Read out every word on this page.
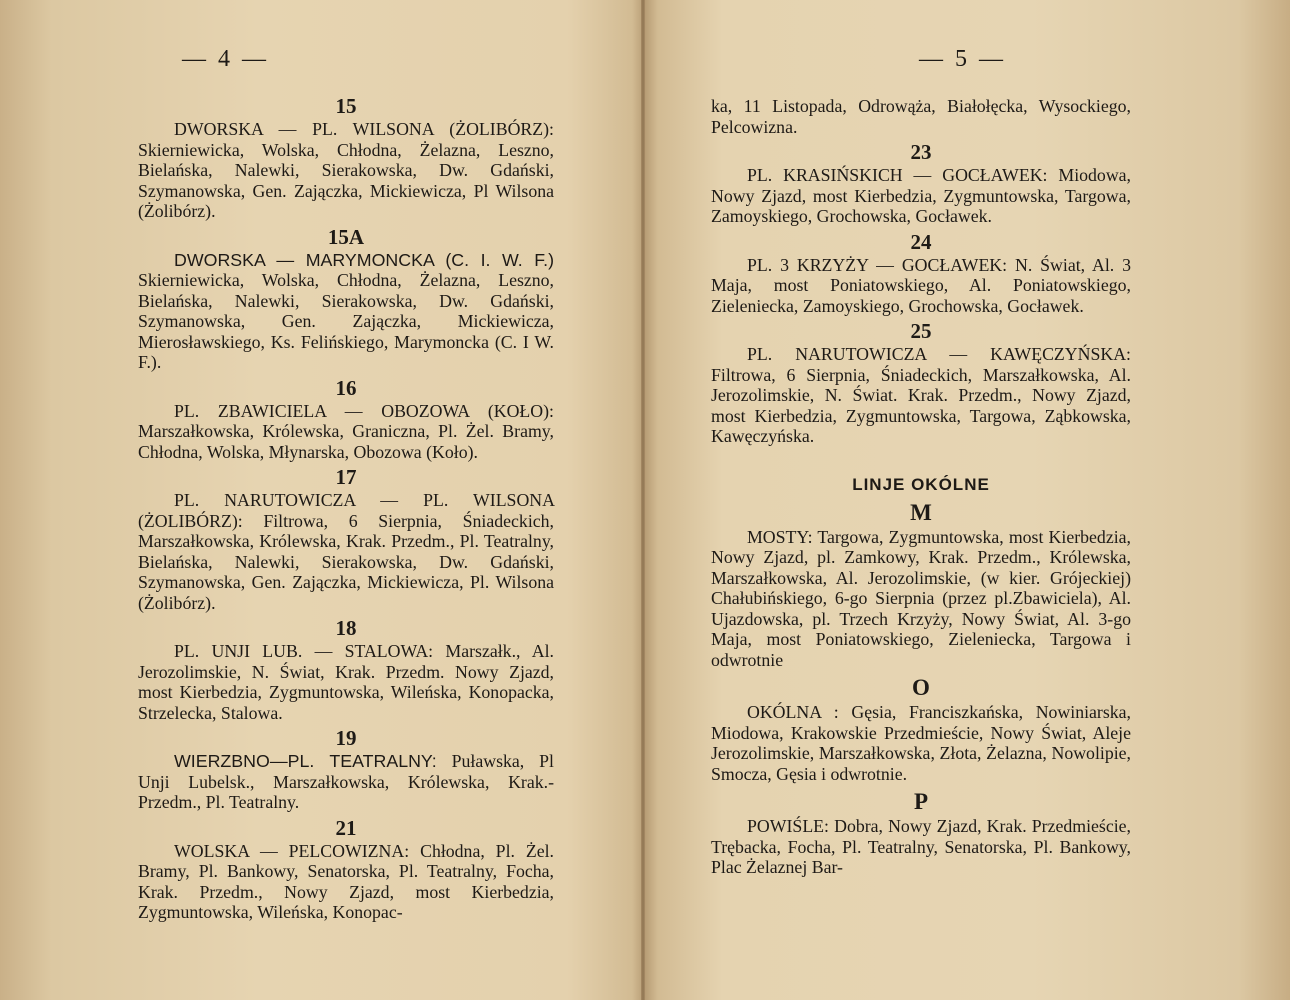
— 4 —
15

DWORSKA — PL. WILSONA (ŻOLIBÓRZ): Skierniewicka, Wolska, Chłodna, Żelazna, Leszno, Bielańska, Nalewki, Sierakowska, Dw. Gdański, Szymanowska, Gen. Zajączka, Mickiewicza, Pl Wilsona (Żolibórz).

15A

DWORSKA — MARYMONCKA (C. I. W. F.) Skierniewicka, Wolska, Chłodna, Żelazna, Leszno, Bielańska, Nalewki, Sierakowska, Dw. Gdański, Szymanowska, Gen. Zajączka, Mickiewicza, Mierosławskiego, Ks. Felińskiego, Marymoncka (C. I W. F.).

16

PL. ZBAWICIELA — OBOZOWA (KOŁO): Marszałkowska, Królewska, Graniczna, Pl. Żel. Bramy, Chłodna, Wolska, Młynarska, Obozowa (Koło).

17

PL. NARUTOWICZA — PL. WILSONA (ŻOLIBÓRZ): Filtrowa, 6 Sierpnia, Śniadeckich, Marszałkowska, Królewska, Krak. Przedm., Pl. Teatralny, Bielańska, Nalewki, Sierakowska, Dw. Gdański, Szymanowska, Gen. Zajączka, Mickiewicza, Pl. Wilsona (Żolibórz).

18

PL. UNJI LUB. — STALOWA: Marszałk., Al. Jerozolimskie, N. Świat, Krak. Przedm. Nowy Zjazd, most Kierbedzia, Zygmuntowska, Wileńska, Konopacka, Strzelecka, Stalowa.

19

WIERZBNO—PL. TEATRALNY: Puławska, Pl Unji Lubelsk., Marszałkowska, Królewska, Krak.-Przedm., Pl. Teatralny.

21

WOLSKA — PELCOWIZNA: Chłodna, Pl. Żel. Bramy, Pl. Bankowy, Senatorska, Pl. Teatralny, Focha, Krak. Przedm., Nowy Zjazd, most Kierbedzia, Zygmuntowska, Wileńska, Konopac-

— 5 —

ka, 11 Listopada, Odrowąża, Białołęcka, Wysockiego, Pelcowizna.

23

PL. KRASIŃSKICH — GOCŁAWEK: Miodowa, Nowy Zjazd, most Kierbedzia, Zygmuntowska, Targowa, Zamoyskiego, Grochowska, Gocławek.

24

PL. 3 KRZYŻY — GOCŁAWEK: N. Świat, Al. 3 Maja, most Poniatowskiego, Al. Poniatowskiego, Zieleniecka, Zamoyskiego, Grochowska, Gocławek.

25

PL. NARUTOWICZA — KAWĘCZYŃSKA: Filtrowa, 6 Sierpnia, Śniadeckich, Marszałkowska, Al. Jerozolimskie, N. Świat. Krak. Przedm., Nowy Zjazd, most Kierbedzia, Zygmuntowska, Targowa, Ząbkowska, Kawęczyńska.

LINJE OKÓLNE
M

MOSTY: Targowa, Zygmuntowska, most Kierbedzia, Nowy Zjazd, pl. Zamkowy, Krak. Przedm., Królewska, Marszałkowska, Al. Jerozolimskie, (w kier. Grójeckiej) Chałubińskiego, 6-go Sierpnia (przez pl.Zbawiciela), Al. Ujazdowska, pl. Trzech Krzyży, Nowy Świat, Al. 3-go Maja, most Poniatowskiego, Zieleniecka, Targowa i odwrotnie

O

OKÓLNA : Gęsia, Franciszkańska, Nowiniarska, Miodowa, Krakowskie Przedmieście, Nowy Świat, Aleje Jerozolimskie, Marszałkowska, Złota, Żelazna, Nowolipie, Smocza, Gęsia i odwrotnie.

P

POWIŚLE: Dobra, Nowy Zjazd, Krak. Przedmieście, Trębacka, Focha, Pl. Teatralny, Senatorska, Pl. Bankowy, Plac Żelaznej Bar-
